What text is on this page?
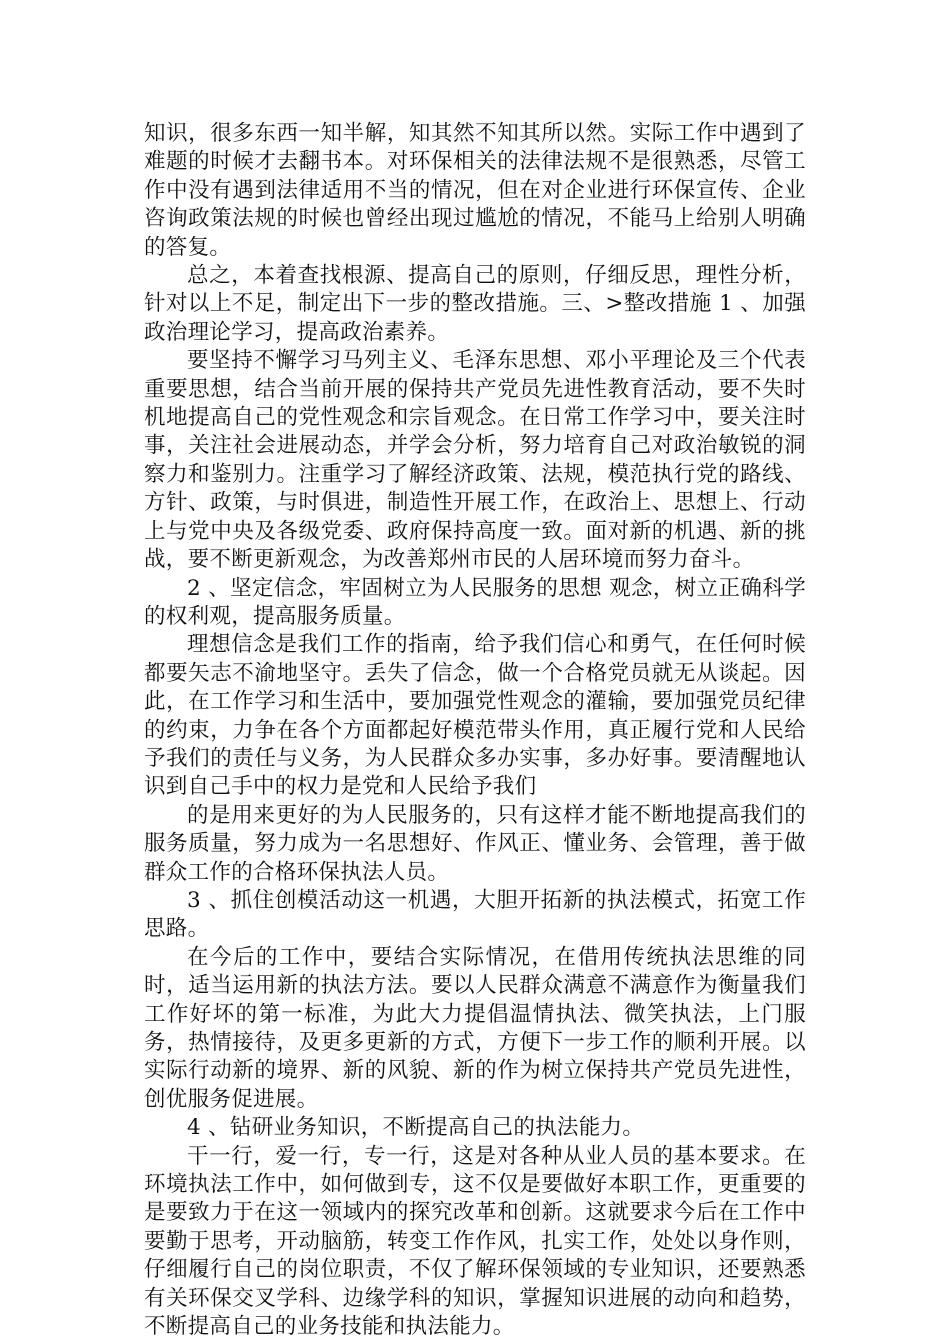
知识，很多东西一知半解，知其然不知其所以然。实际工作中遇到了难题的时候才去翻书本。对环保相关的法律法规不是很熟悉，尽管工作中没有遇到法律适用不当的情况，但在对企业进行环保宣传、企业咨询政策法规的时候也曾经出现过尴尬的情况，不能马上给别人明确的答复。

总之，本着查找根源、提高自己的原则，仔细反思，理性分析，针对以上不足，制定出下一步的整改措施。三、>整改措施 1 、加强政治理论学习，提高政治素养。

要坚持不懈学习马列主义、毛泽东思想、邓小平理论及三个代表重要思想，结合当前开展的保持共产党员先进性教育活动，要不失时机地提高自己的党性观念和宗旨观念。在日常工作学习中，要关注时事，关注社会进展动态，并学会分析，努力培育自己对政治敏锐的洞察力和鉴别力。注重学习了解经济政策、法规，模范执行党的路线、方针、政策，与时俱进，制造性开展工作，在政治上、思想上、行动上与党中央及各级党委、政府保持高度一致。面对新的机遇、新的挑战，要不断更新观念，为改善郑州市民的人居环境而努力奋斗。

2 、坚定信念，牢固树立为人民服务的思想 观念，树立正确科学的权利观，提高服务质量。

理想信念是我们工作的指南，给予我们信心和勇气，在任何时候都要矢志不渝地坚守。丢失了信念，做一个合格党员就无从谈起。因此，在工作学习和生活中，要加强党性观念的灌输，要加强党员纪律的约束，力争在各个方面都起好模范带头作用，真正履行党和人民给予我们的责任与义务，为人民群众多办实事，多办好事。要清醒地认识到自己手中的权力是党和人民给予我们

的是用来更好的为人民服务的，只有这样才能不断地提高我们的服务质量，努力成为一名思想好、作风正、懂业务、会管理，善于做群众工作的合格环保执法人员。

3 、抓住创模活动这一机遇，大胆开拓新的执法模式，拓宽工作思路。

在今后的工作中，要结合实际情况，在借用传统执法思维的同时，适当运用新的执法方法。要以人民群众满意不满意作为衡量我们工作好坏的第一标准，为此大力提倡温情执法、微笑执法，上门服务，热情接待，及更多更新的方式，方便下一步工作的顺利开展。以实际行动新的境界、新的风貌、新的作为树立保持共产党员先进性，创优服务促进展。

4 、钻研业务知识，不断提高自己的执法能力。

干一行，爱一行，专一行，这是对各种从业人员的基本要求。在环境执法工作中，如何做到专，这不仅是要做好本职工作，更重要的是要致力于在这一领域内的探究改革和创新。这就要求今后在工作中要勤于思考，开动脑筋，转变工作作风，扎实工作，处处以身作则，仔细履行自己的岗位职责，不仅了解环保领域的专业知识，还要熟悉有关环保交叉学科、边缘学科的知识，掌握知识进展的动向和趋势，不断提高自己的业务技能和执法能力。
